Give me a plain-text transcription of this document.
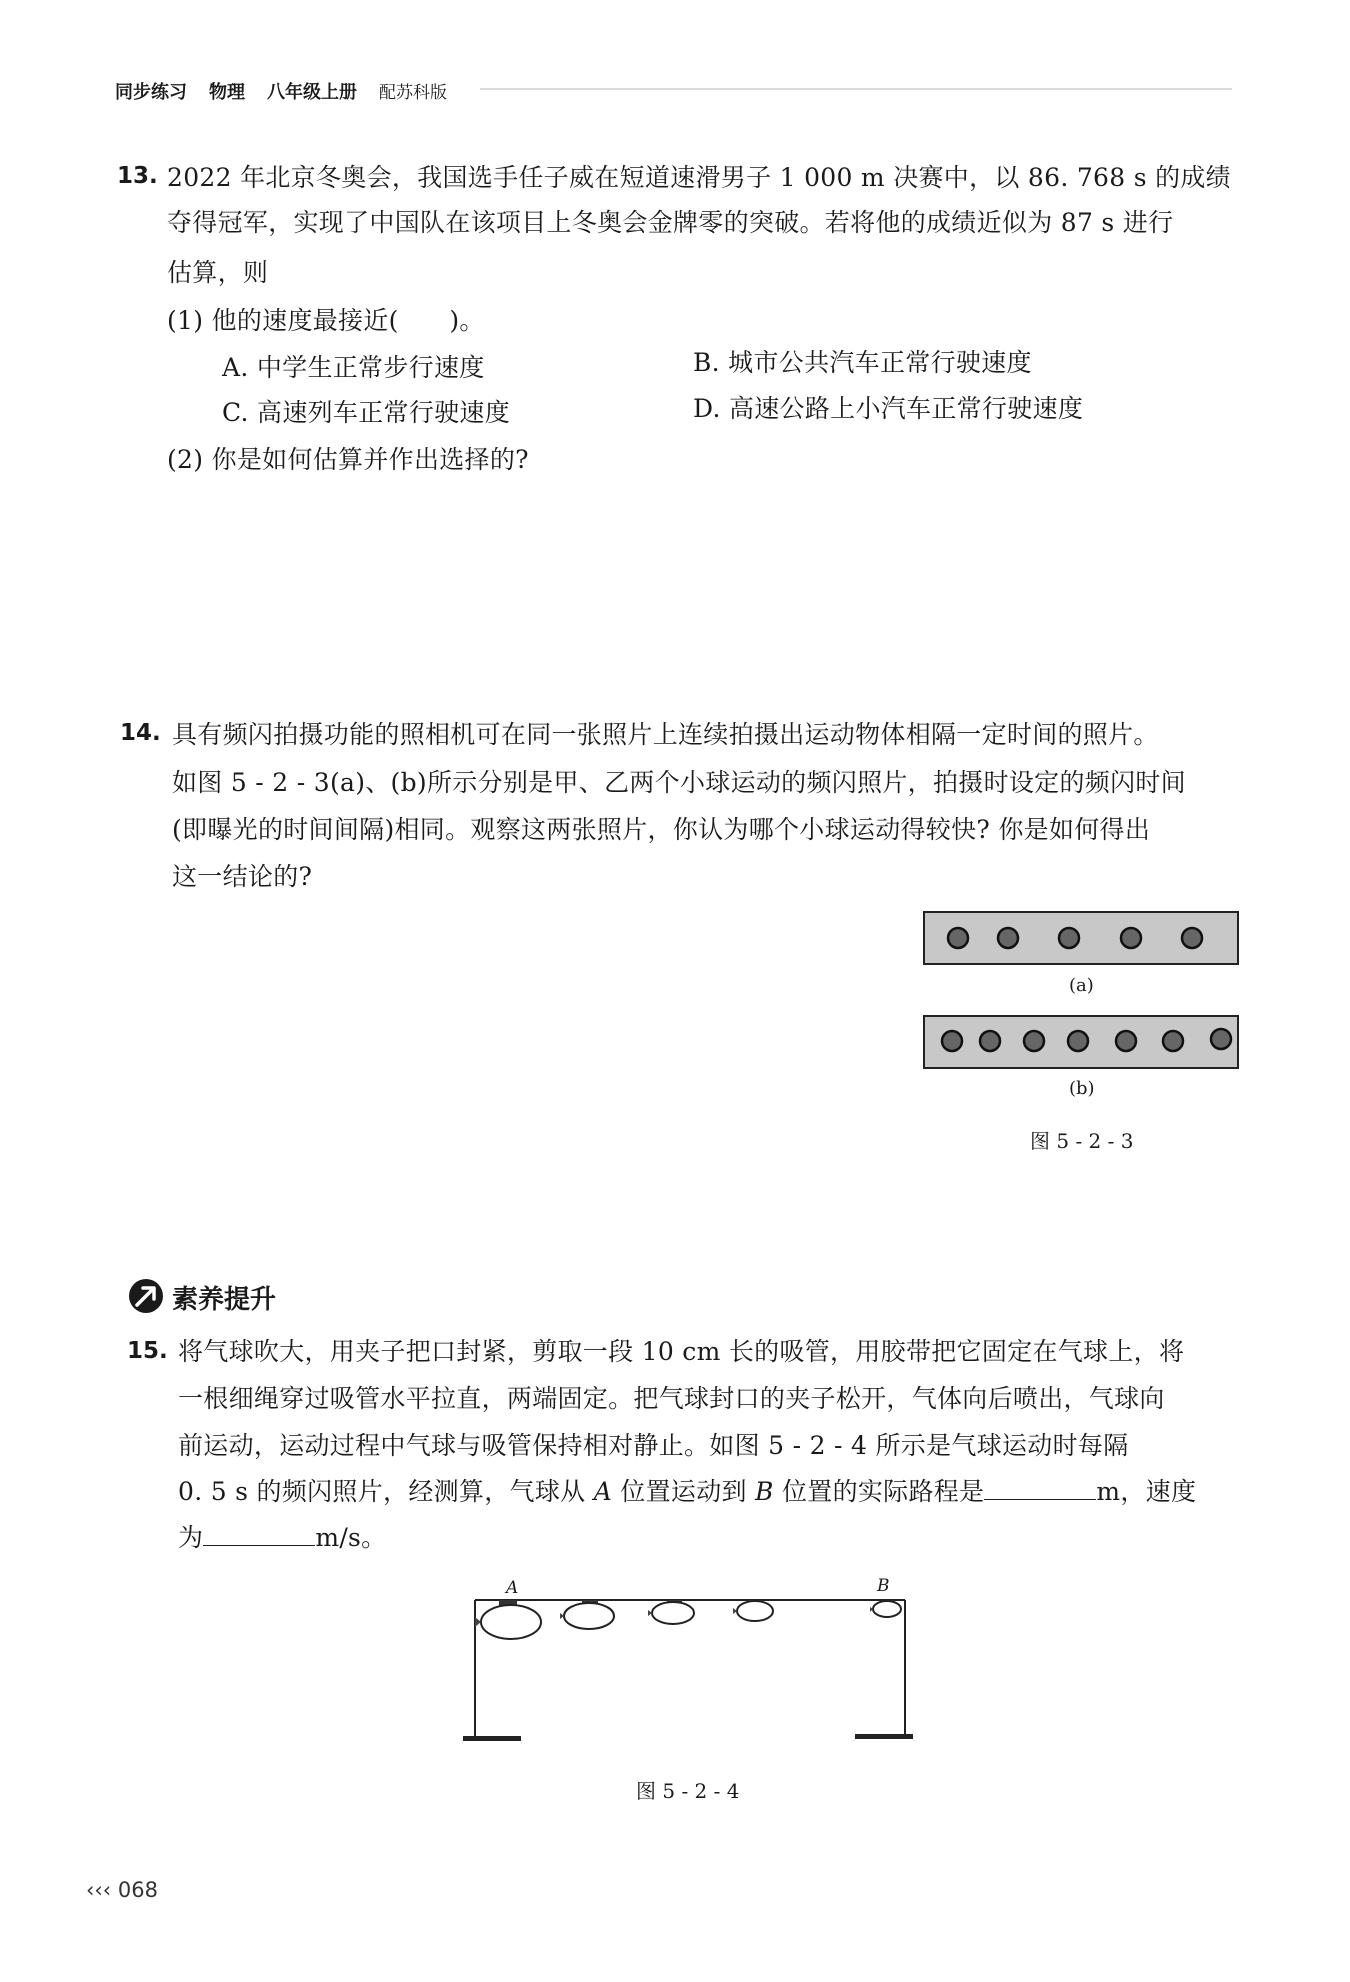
同步练习 物理 八年级上册 配苏科版
13. 2022 年北京冬奥会，我国选手任子威在短道速滑男子 1 000 m 决赛中，以 86. 768 s 的成绩
夺得冠军，实现了中国队在该项目上冬奥会金牌零的突破。若将他的成绩近似为 87 s 进行
估算，则
(1) 他的速度最接近(　　)。
A. 中学生正常步行速度	B. 城市公共汽车正常行驶速度
C. 高速列车正常行驶速度	D. 高速公路上小汽车正常行驶速度
(2) 你是如何估算并作出选择的?
14. 具有频闪拍摄功能的照相机可在同一张照片上连续拍摄出运动物体相隔一定时间的照片。
如图 5 - 2 - 3(a)、(b)所示分别是甲、乙两个小球运动的频闪照片，拍摄时设定的频闪时间
(即曝光的时间间隔)相同。观察这两张照片，你认为哪个小球运动得较快? 你是如何得出
这一结论的?
(a)
(b)
图 5 - 2 - 3
素养提升
15. 将气球吹大，用夹子把口封紧，剪取一段 10 cm 长的吸管，用胶带把它固定在气球上，将
一根细绳穿过吸管水平拉直，两端固定。把气球封口的夹子松开，气体向后喷出，气球向
前运动，运动过程中气球与吸管保持相对静止。如图 5 - 2 - 4 所示是气球运动时每隔
0. 5 s 的频闪照片，经测算，气球从 A 位置运动到 B 位置的实际路程是	m，速度
为	m/s。
A	B
图 5 - 2 - 4
‹‹‹ 068
